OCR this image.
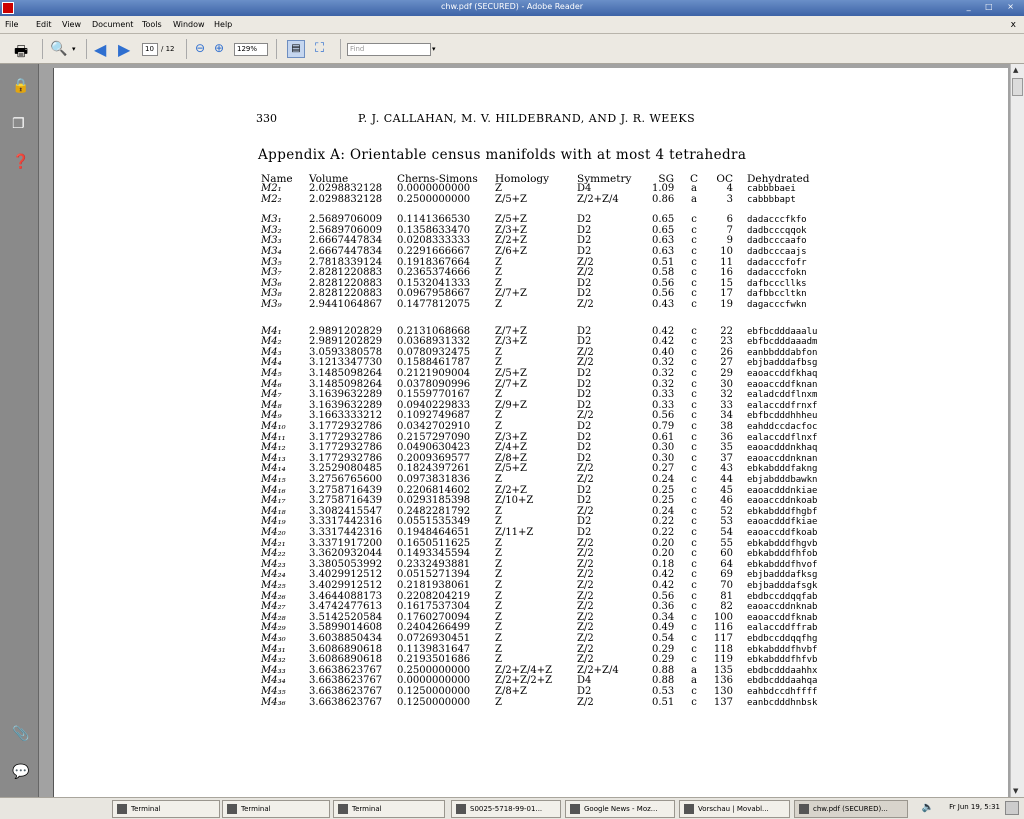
chw.pdf (SECURED) - Adobe Reader	_ □ ×
File Edit View Document Tools Window Help	x
🖶 🔍 ▾ ◀ ▶	10	/ 12 ⊖ ⊕	129%	▤	⛶	Find	▾
🔒
❐
❓
📎
💬
330	P. J. CALLAHAN, M. V. HILDEBRAND, AND J. R. WEEKS
Appendix A: Orientable census manifolds with at most 4 tetrahedra
Name	Volume	Cherns-Simons	Homology	Symmetry	SG C	OC Dehydrated
M2₁	2.0298832128	0.0000000000	Z	D4	1.09	a	4 cabbbbaei
M2₂	2.0298832128	0.2500000000	Z/5+Z	Z/2+Z/4	0.86	a	3 cabbbbapt
M3₁	2.5689706009	0.1141366530	Z/5+Z	D2	0.65	c	6 dadacccfkfo
M3₂	2.5689706009	0.1358633470	Z/3+Z	D2	0.65	c	7 dadbcccqqok
M3₃	2.6667447834	0.0208333333	Z/2+Z	D2	0.63	c	9 dadbcccaafo
M3₄	2.6667447834	0.2291666667	Z/6+Z	D2	0.63	c	10 dadbcccaajs
M3₅	2.7818339124	0.1918367664	Z	Z/2	0.51	c	11 dadacccfofr
M3₇	2.8281220883	0.2365374666	Z	Z/2	0.58	c	16 dadacccfokn
M3₆	2.8281220883	0.1532041333	Z	D2	0.56	c	15 dafbcccllks
M3₈	2.8281220883	0.0967958667	Z/7+Z	D2	0.56	c	17 dafbbccltkn
M3₉	2.9441064867	0.1477812075	Z	Z/2	0.43	c	19 dagacccfwkn
M4₁	2.9891202829	0.2131068668	Z/7+Z	D2	0.42	c	22 ebfbcdddaaalu
M4₂	2.9891202829	0.0368931332	Z/3+Z	D2	0.42	c	23 ebfbcdddaaadm
M4₃	3.0593380578	0.0780932475	Z	Z/2	0.40	c	26 eanbbdddabfon
M4₄	3.1213347730	0.1588461787	Z	Z/2	0.32	c	27 ebjbadddafbsg
M4₅	3.1485098264	0.2121909004	Z/5+Z	D2	0.32	c	29 eaoaccddfkhaq
M4₆	3.1485098264	0.0378090996	Z/7+Z	D2	0.32	c	30 eaoaccddfknan
M4₇	3.1639632289	0.1559770167	Z	D2	0.33	c	32 ealadcddflnxm
M4₈	3.1639632289	0.0940229833	Z/9+Z	D2	0.33	c	33 ealaccddfrnxf
M4₉	3.1663333212	0.1092749687	Z	Z/2	0.56	c	34 ebfbcdddhhheu
M4₁₀	3.1772932786	0.0342702910	Z	D2	0.79	c	38 eahddccdacfoc
M4₁₁	3.1772932786	0.2157297090	Z/3+Z	D2	0.61	c	36 ealaccddflnxf
M4₁₂	3.1772932786	0.0490630423	Z/4+Z	D2	0.30	c	35 eaoacdddnkhaq
M4₁₃	3.1772932786	0.2009369577	Z/8+Z	D2	0.30	c	37 eaoaccddnknan
M4₁₄	3.2529080485	0.1824397261	Z/5+Z	Z/2	0.27	c	43 ebkabdddfakng
M4₁₅	3.2756765600	0.0973831836	Z	Z/2	0.24	c	44 ebjabdddbawkn
M4₁₆	3.2758716439	0.2206814602	Z/2+Z	D2	0.25	c	45 eaoacdddnkiae
M4₁₇	3.2758716439	0.0293185398	Z/10+Z	D2	0.25	c	46 eaoaccddnkoab
M4₁₈	3.3082415547	0.2482281792	Z	Z/2	0.24	c	52 ebkabdddfhgbf
M4₁₉	3.3317442316	0.0551535349	Z	D2	0.22	c	53 eaoacdddfkiae
M4₂₀	3.3317442316	0.1948464651	Z/11+Z	D2	0.22	c	54 eaoaccddfkoab
M4₂₁	3.3371917200	0.1650511625	Z	Z/2	0.20	c	55 ebkabdddfhgvb
M4₂₂	3.3620932044	0.1493345594	Z	Z/2	0.20	c	60 ebkabdddfhfob
M4₂₃	3.3805053992	0.2332493881	Z	Z/2	0.18	c	64 ebkabdddfhvof
M4₂₄	3.4029912512	0.0515271394	Z	Z/2	0.42	c	69 ebjbadddafksg
M4₂₅	3.4029912512	0.2181938061	Z	Z/2	0.42	c	70 ebjbadddafsgk
M4₂₆	3.4644088173	0.2208204219	Z	Z/2	0.56	c	81 ebdbccddqqfab
M4₂₇	3.4742477613	0.1617537304	Z	Z/2	0.36	c	82 eaoaccddnknab
M4₂₈	3.5142520584	0.1760270094	Z	Z/2	0.34	c	100 eaoaccddfknab
M4₂₉	3.5899014608	0.2404266499	Z	Z/2	0.49	c	116 ealaccddffrab
M4₃₀	3.6038850434	0.0726930451	Z	Z/2	0.54	c	117 ebdbccddqqfhg
M4₃₁	3.6086890618	0.1139831647	Z	Z/2	0.29	c	118 ebkabdddfhvbf
M4₃₂	3.6086890618	0.2193501686	Z	Z/2	0.29	c	119 ebkabdddfhfvb
M4₃₃	3.6638623767	0.2500000000	Z/2+Z/4+Z	Z/2+Z/4	0.88	a	135 ebdbcdddaahhx
M4₃₄	3.6638623767	0.0000000000	Z/2+Z/2+Z	D4	0.88	a	136 ebdbcdddaahqa
M4₃₅	3.6638623767	0.1250000000	Z/8+Z	D2	0.53	c	130 eahbdccdhffff
M4₃₆	3.6638623767	0.1250000000	Z	Z/2	0.51	c	137 eanbcdddhnbsk
▲
▼
Terminal	Terminal	Terminal	S0025-5718-99-01...	Google News - Moz...	Vorschau | Movabl...	chw.pdf (SECURED)...	🔈 Fr Jun 19, 5:31
